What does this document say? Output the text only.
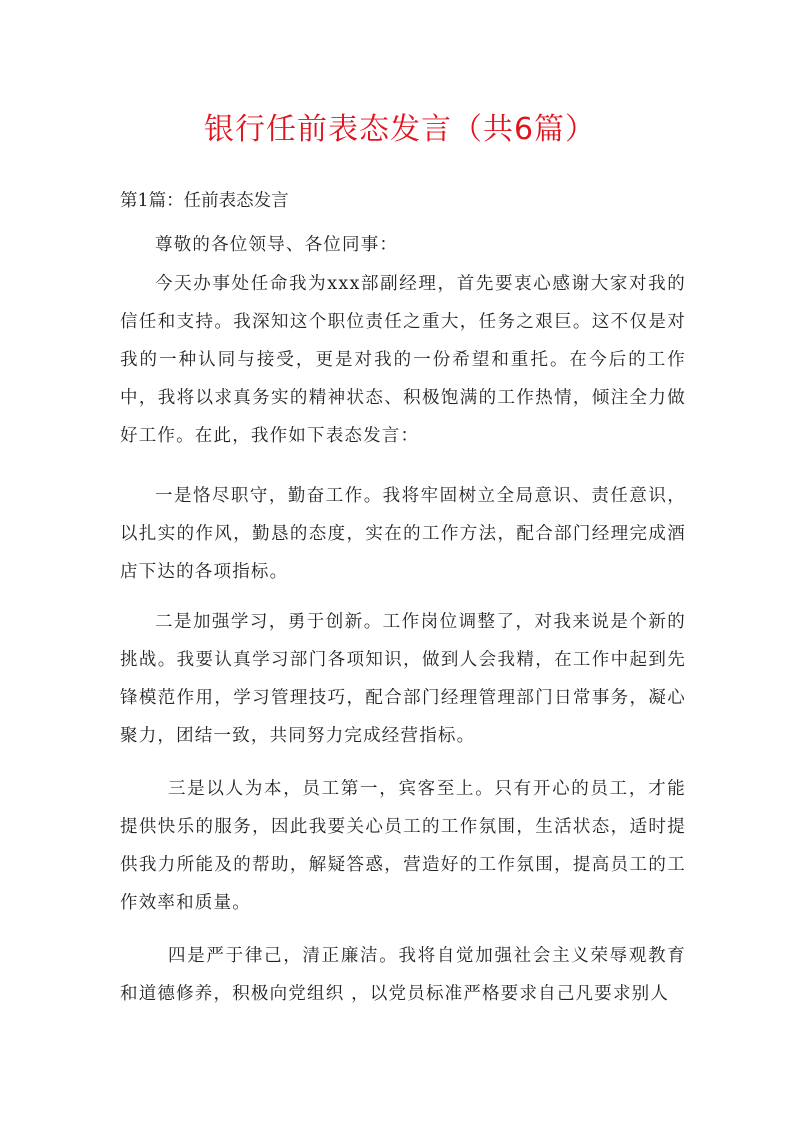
银行任前表态发言（共6篇）
第1篇：任前表态发言
尊敬的各位领导、各位同事：
今天办事处任命我为xxx部副经理，首先要衷心感谢大家对我的信任和支持。我深知这个职位责任之重大，任务之艰巨。这不仅是对我的一种认同与接受，更是对我的一份希望和重托。在今后的工作中，我将以求真务实的精神状态、积极饱满的工作热情，倾注全力做好工作。在此，我作如下表态发言：
一是恪尽职守，勤奋工作。我将牢固树立全局意识、责任意识，以扎实的作风，勤恳的态度，实在的工作方法，配合部门经理完成酒店下达的各项指标。
二是加强学习，勇于创新。工作岗位调整了，对我来说是个新的挑战。我要认真学习部门各项知识，做到人会我精，在工作中起到先锋模范作用，学习管理技巧，配合部门经理管理部门日常事务，凝心聚力，团结一致，共同努力完成经营指标。
三是以人为本，员工第一，宾客至上。只有开心的员工，才能提供快乐的服务，因此我要关心员工的工作氛围，生活状态，适时提供我力所能及的帮助，解疑答惑，营造好的工作氛围，提高员工的工作效率和质量。
四是严于律己，清正廉洁。我将自觉加强社会主义荣辱观教育和道德修养，积极向党组织 ，以党员标准严格要求自己凡要求别人
